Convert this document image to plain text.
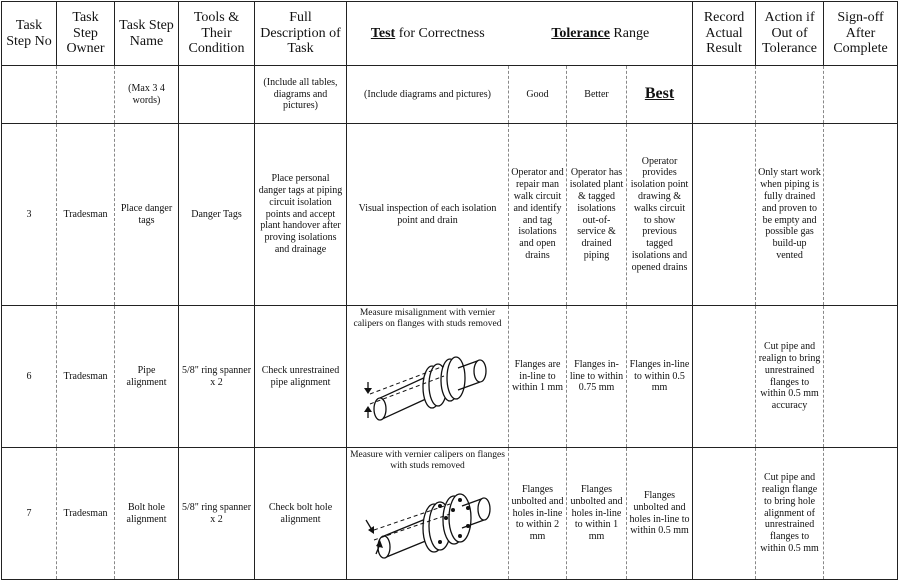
Task Step No	Task Step Owner	Task Step Name	Tools & Their Condition	Full Description of Task	Test for Correctness	Tolerance Range			Record Actual Result	Action if Out of Tolerance	Sign-off After Complete
		(Max 3 4 words)		(Include all tables, diagrams and pictures)	(Include diagrams and pictures)	Good	Better	Best			
3	Tradesman	Place danger tags	Danger Tags	Place personal danger tags at piping circuit isolation points and accept plant handover after proving isolations and drainage	Visual inspection of each isolation point and drain	Operator and repair man walk circuit and identify and tag isolations and open drains	Operator has isolated plant & tagged isolations out-of-service & drained piping	Operator provides isolation point drawing & walks circuit to show previous tagged isolations and opened drains		Only start work when piping is fully drained and proven to be empty and possible gas build-up vented	
6	Tradesman	Pipe alignment	5/8" ring spanner x 2	Check unrestrained pipe alignment	Measure misalignment with vernier calipers on flanges with studs removed	Flanges are in-line to within 1 mm	Flanges in-line to within 0.75 mm	Flanges in-line to within 0.5 mm		Cut pipe and realign to bring unrestrained flanges to within 0.5 mm accuracy	
7	Tradesman	Bolt hole alignment	5/8" ring spanner x 2	Check bolt hole alignment	Measure with vernier calipers on flanges with studs removed	Flanges unbolted and holes in-line to within 2 mm	Flanges unbolted and holes in-line to within 1 mm	Flanges unbolted and holes in-line to within 0.5 mm		Cut pipe and realign flange to bring hole alignment of unrestrained flanges to within 0.5 mm	
